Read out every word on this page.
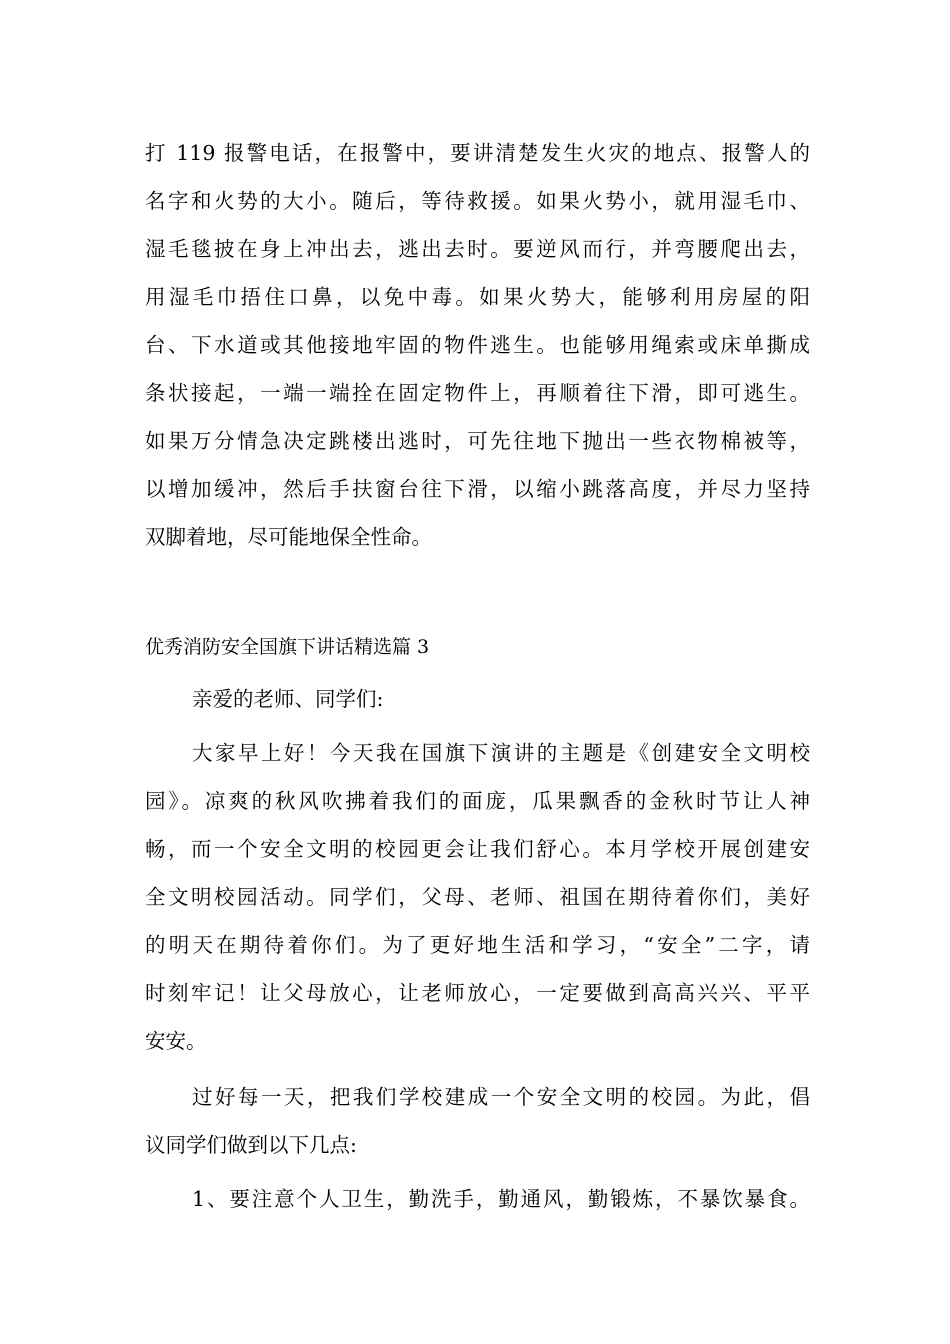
打 119 报警电话，在报警中，要讲清楚发生火灾的地点、报警人的
名字和火势的大小。随后，等待救援。如果火势小，就用湿毛巾、
湿毛毯披在身上冲出去，逃出去时。要逆风而行，并弯腰爬出去，
用湿毛巾捂住口鼻，以免中毒。如果火势大，能够利用房屋的阳
台、下水道或其他接地牢固的物件逃生。也能够用绳索或床单撕成
条状接起，一端一端拴在固定物件上，再顺着往下滑，即可逃生。
如果万分情急决定跳楼出逃时，可先往地下抛出一些衣物棉被等，
以增加缓冲，然后手扶窗台往下滑，以缩小跳落高度，并尽力坚持
双脚着地，尽可能地保全性命。
优秀消防安全国旗下讲话精选篇 3
亲爱的老师、同学们:
大家早上好！今天我在国旗下演讲的主题是《创建安全文明校
园》。凉爽的秋风吹拂着我们的面庞，瓜果飘香的金秋时节让人神
畅，而一个安全文明的校园更会让我们舒心。本月学校开展创建安
全文明校园活动。同学们，父母、老师、祖国在期待着你们，美好
的明天在期待着你们。为了更好地生活和学习，“安全”二字，请
时刻牢记！让父母放心，让老师放心，一定要做到高高兴兴、平平
安安。
过好每一天，把我们学校建成一个安全文明的校园。为此，倡
议同学们做到以下几点:
1、要注意个人卫生，勤洗手，勤通风，勤锻炼，不暴饮暴食。
